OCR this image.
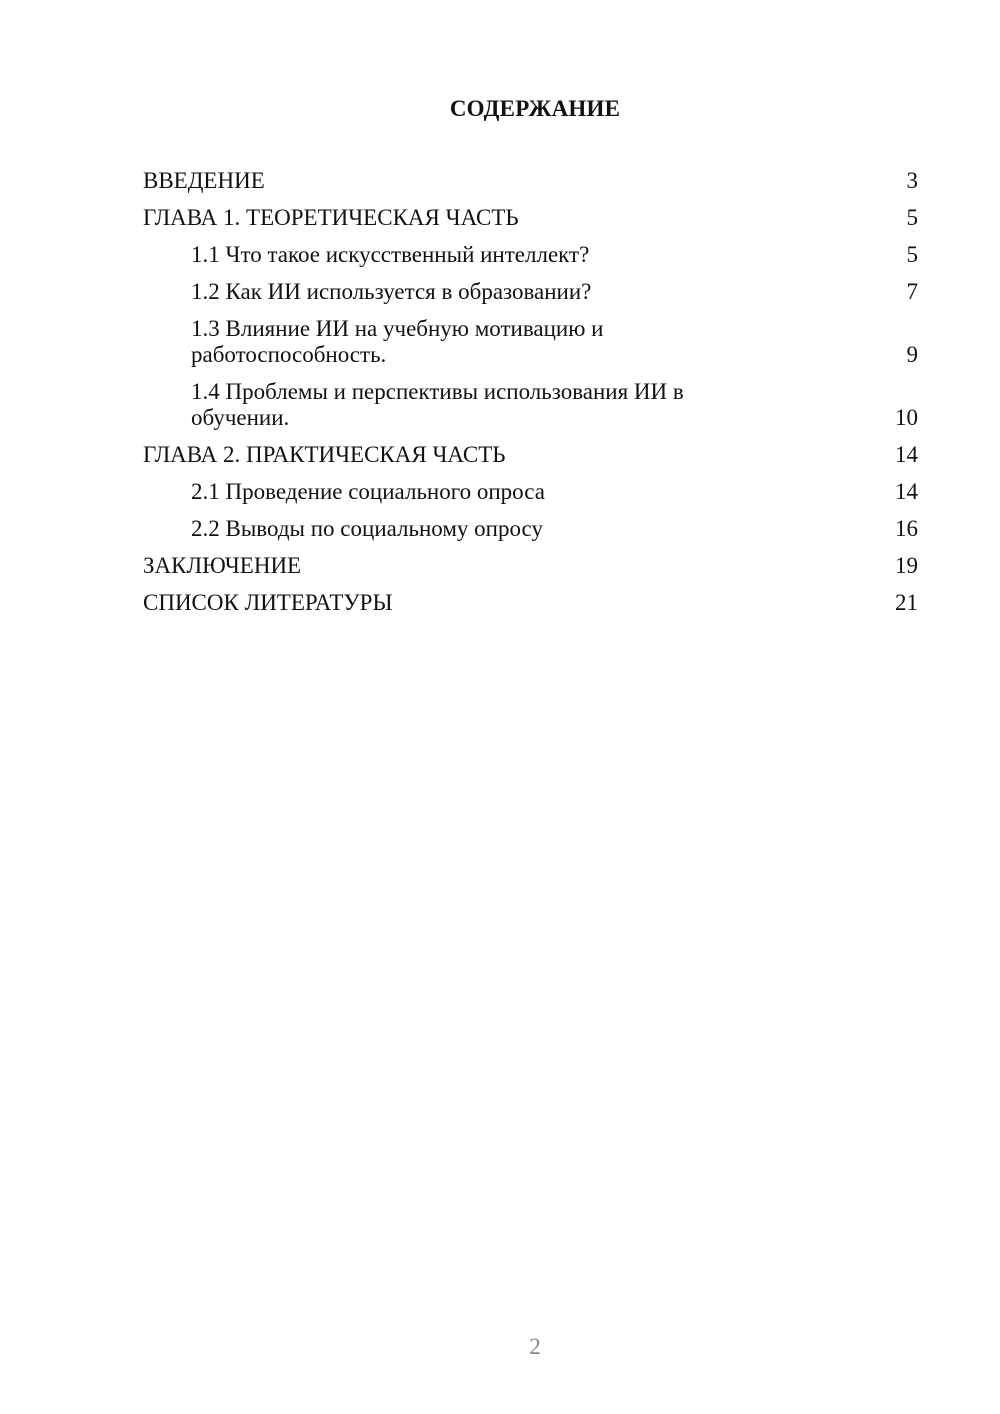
СОДЕРЖАНИЕ
ВВЕДЕНИЕ	3
ГЛАВА 1. ТЕОРЕТИЧЕСКАЯ ЧАСТЬ	5
1.1 Что такое искусственный интеллект?	5
1.2 Как ИИ используется в образовании?	7
1.3 Влияние ИИ на учебную мотивацию и работоспособность.	9
1.4 Проблемы и перспективы использования ИИ в обучении.	10
ГЛАВА 2. ПРАКТИЧЕСКАЯ ЧАСТЬ	14
2.1 Проведение социального опроса	14
2.2 Выводы по социальному опросу	16
ЗАКЛЮЧЕНИЕ	19
СПИСОК ЛИТЕРАТУРЫ	21
2
